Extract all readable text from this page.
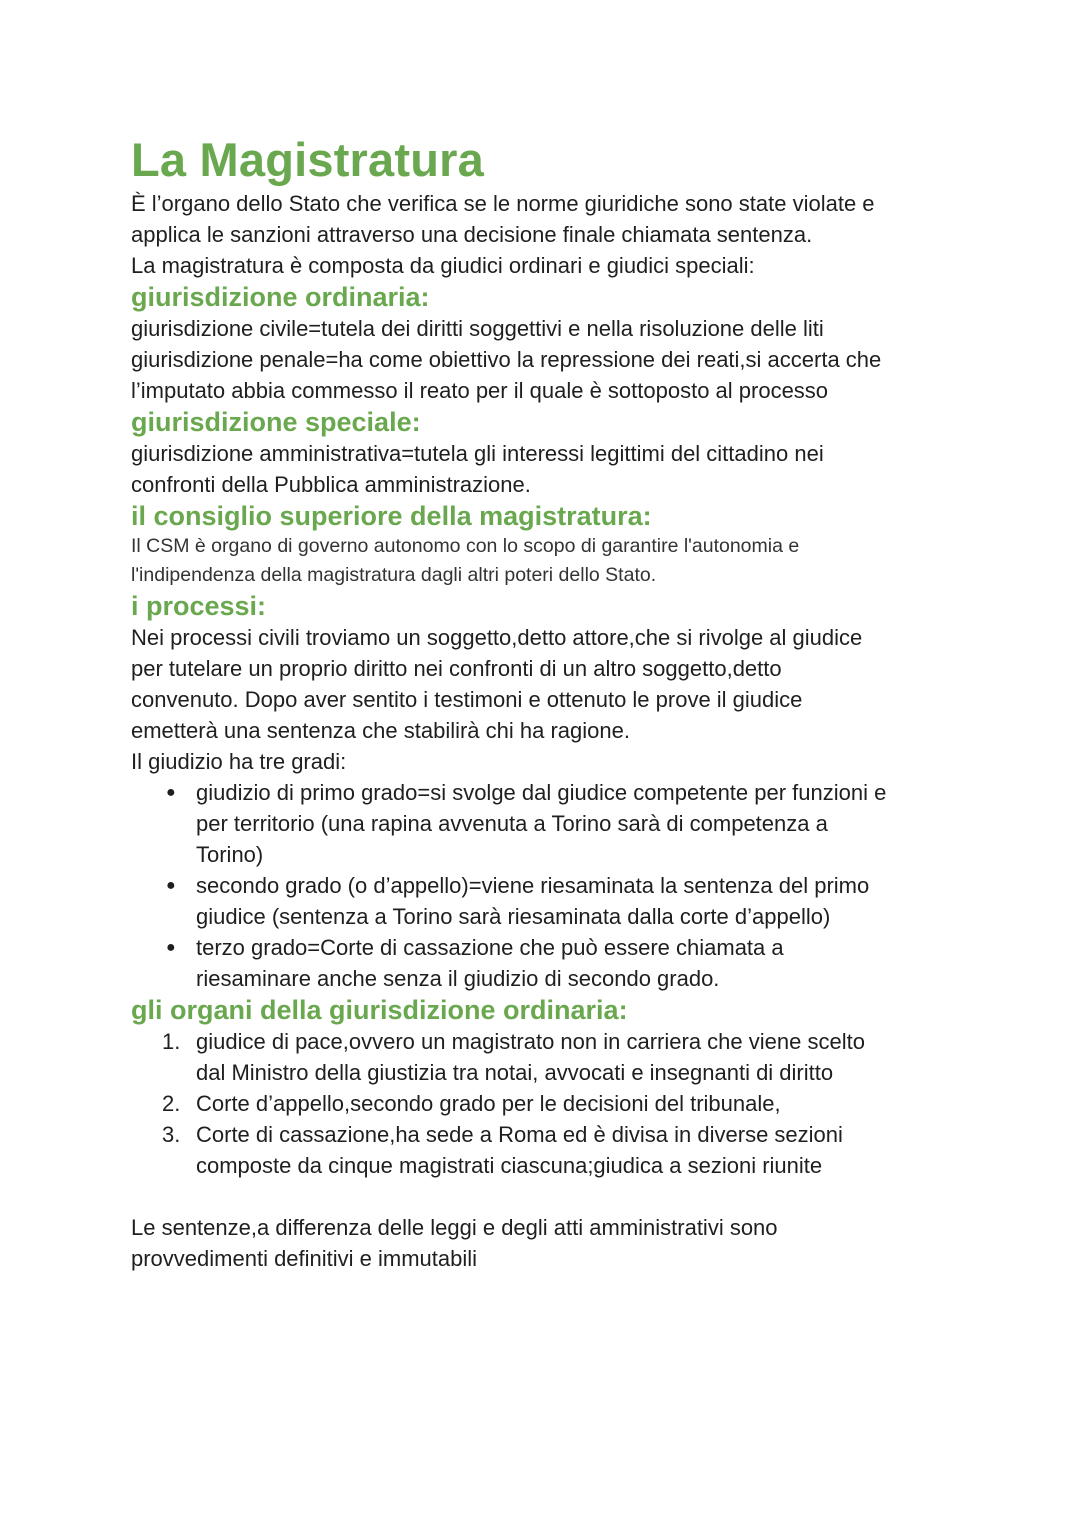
La Magistratura

È l’organo dello Stato che verifica se le norme giuridiche sono state violate e

applica le sanzioni attraverso una decisione finale chiamata sentenza.

La magistratura è composta da giudici ordinari e giudici speciali:

giurisdizione ordinaria:

giurisdizione civile=tutela dei diritti soggettivi e nella risoluzione delle liti

giurisdizione penale=ha come obiettivo la repressione dei reati,si accerta che

l’imputato abbia commesso il reato per il quale è sottoposto al processo

giurisdizione speciale:

giurisdizione amministrativa=tutela gli interessi legittimi del cittadino nei

confronti della Pubblica amministrazione.

il consiglio superiore della magistratura:

Il CSM è organo di governo autonomo con lo scopo di garantire l'autonomia e

l'indipendenza della magistratura dagli altri poteri dello Stato.

i processi:

Nei processi civili troviamo un soggetto,detto attore,che si rivolge al giudice

per tutelare un proprio diritto nei confronti di un altro soggetto,detto

convenuto. Dopo aver sentito i testimoni e ottenuto le prove il giudice

emetterà una sentenza che stabilirà chi ha ragione.

Il giudizio ha tre gradi:

● giudizio di primo grado=si svolge dal giudice competente per funzioni e
per territorio (una rapina avvenuta a Torino sarà di competenza a
Torino)
● secondo grado (o d’appello)=viene riesaminata la sentenza del primo
giudice (sentenza a Torino sarà riesaminata dalla corte d’appello)
● terzo grado=Corte di cassazione che può essere chiamata a
riesaminare anche senza il giudizio di secondo grado.
gli organi della giurisdizione ordinaria:
1. giudice di pace,ovvero un magistrato non in carriera che viene scelto
dal Ministro della giustizia tra notai, avvocati e insegnanti di diritto
2. Corte d’appello,secondo grado per le decisioni del tribunale,
3. Corte di cassazione,ha sede a Roma ed è divisa in diverse sezioni
composte da cinque magistrati ciascuna;giudica a sezioni riunite

Le sentenze,a differenza delle leggi e degli atti amministrativi sono

provvedimenti definitivi e immutabili
